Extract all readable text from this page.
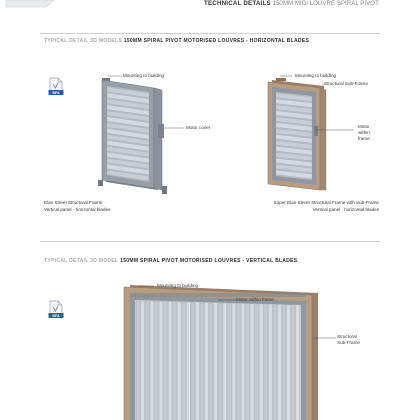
TECHNICAL DETAILS 150MM MIDI LOUVRE SPIRAL PIVOT
TYPICAL DETAIL 3D MODELS 150MM SPIRAL PIVOT MOTORISED LOUVRES - HORIZONTAL BLADES
BFA
Mounting to building
Motor cover
Elan Street Structural Frame
Vertical panel - horizontal blades
Mounting to building
Structural Sub-Frame
Motor
within
frame
Super Elan Street Structural Frame with Sub-Frame
Vertical panel - horizontal blades
TYPICAL DETAIL 3D MODEL 150MM SPIRAL PIVOT MOTORISED LOUVRES - VERTICAL BLADES
BFA
Mounting to building
Motor within frame
Structural
Sub-Frame
